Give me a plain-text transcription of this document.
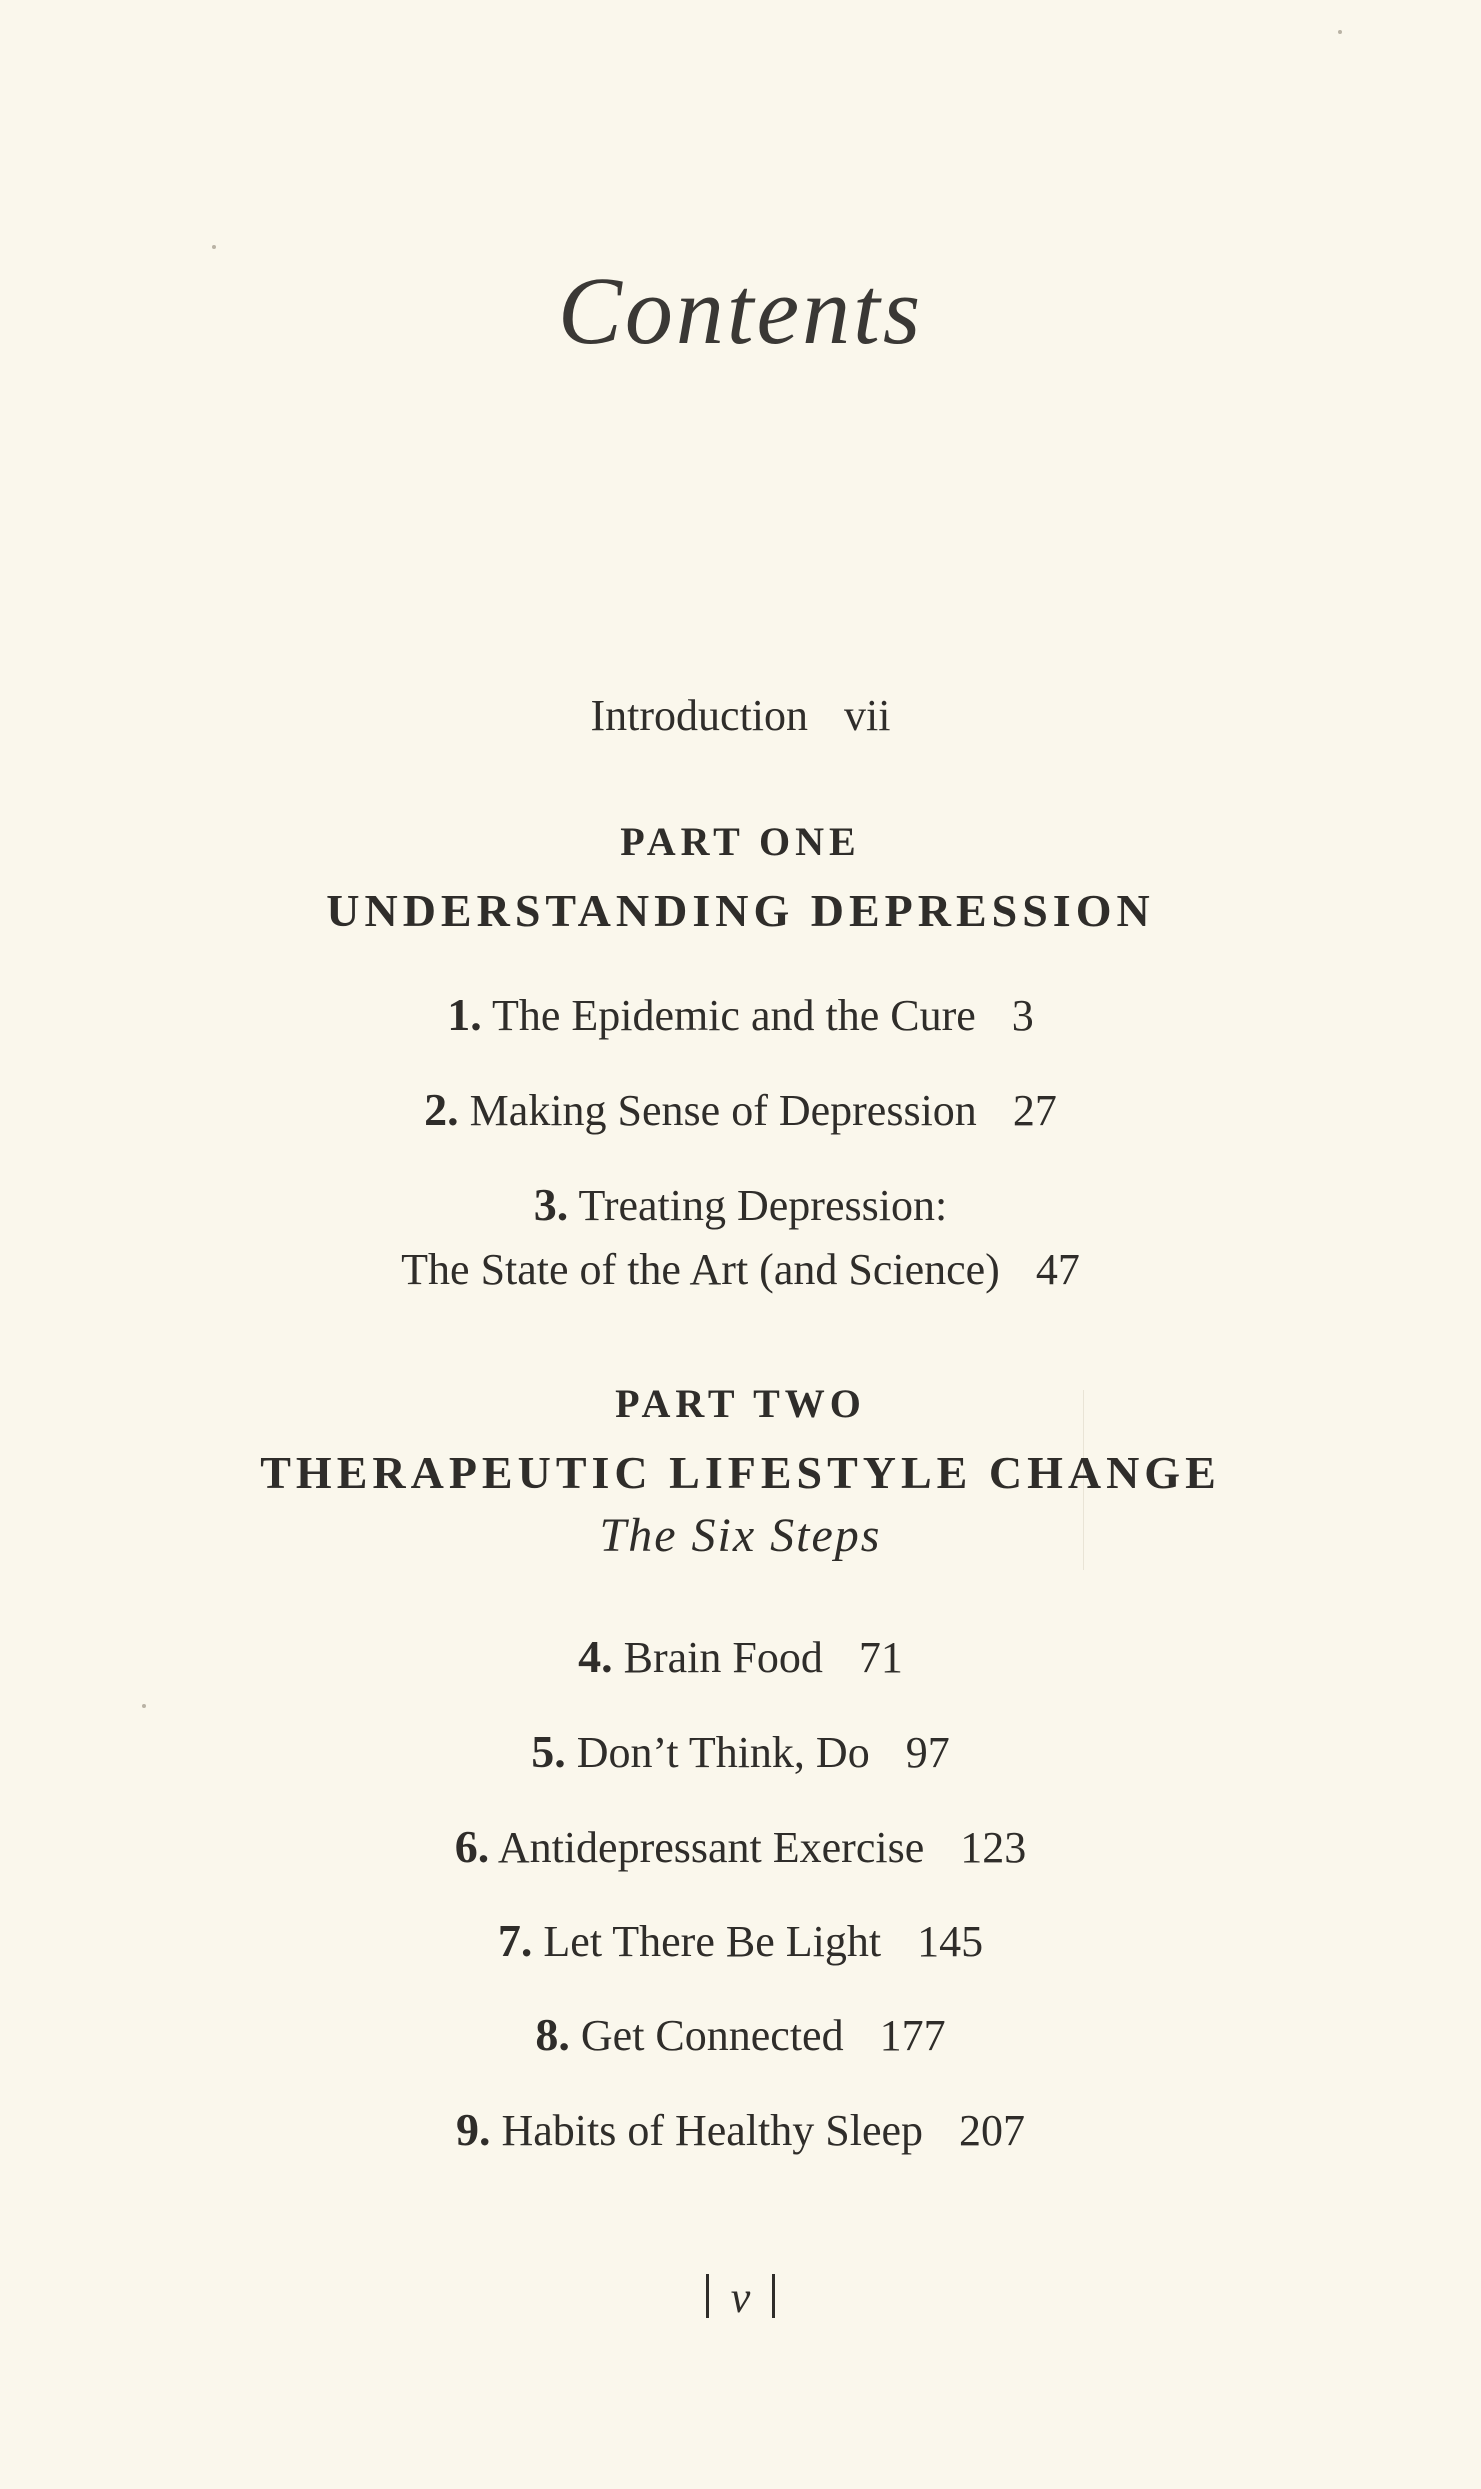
Contents
Introduction vii
PART ONE
UNDERSTANDING DEPRESSION
1. The Epidemic and the Cure 3
2. Making Sense of Depression 27
3. Treating Depression:
The State of the Art (and Science) 47
PART TWO
THERAPEUTIC LIFESTYLE CHANGE
The Six Steps
4. Brain Food 71
5. Don’t Think, Do 97
6. Antidepressant Exercise 123
7. Let There Be Light 145
8. Get Connected 177
9. Habits of Healthy Sleep 207
v
